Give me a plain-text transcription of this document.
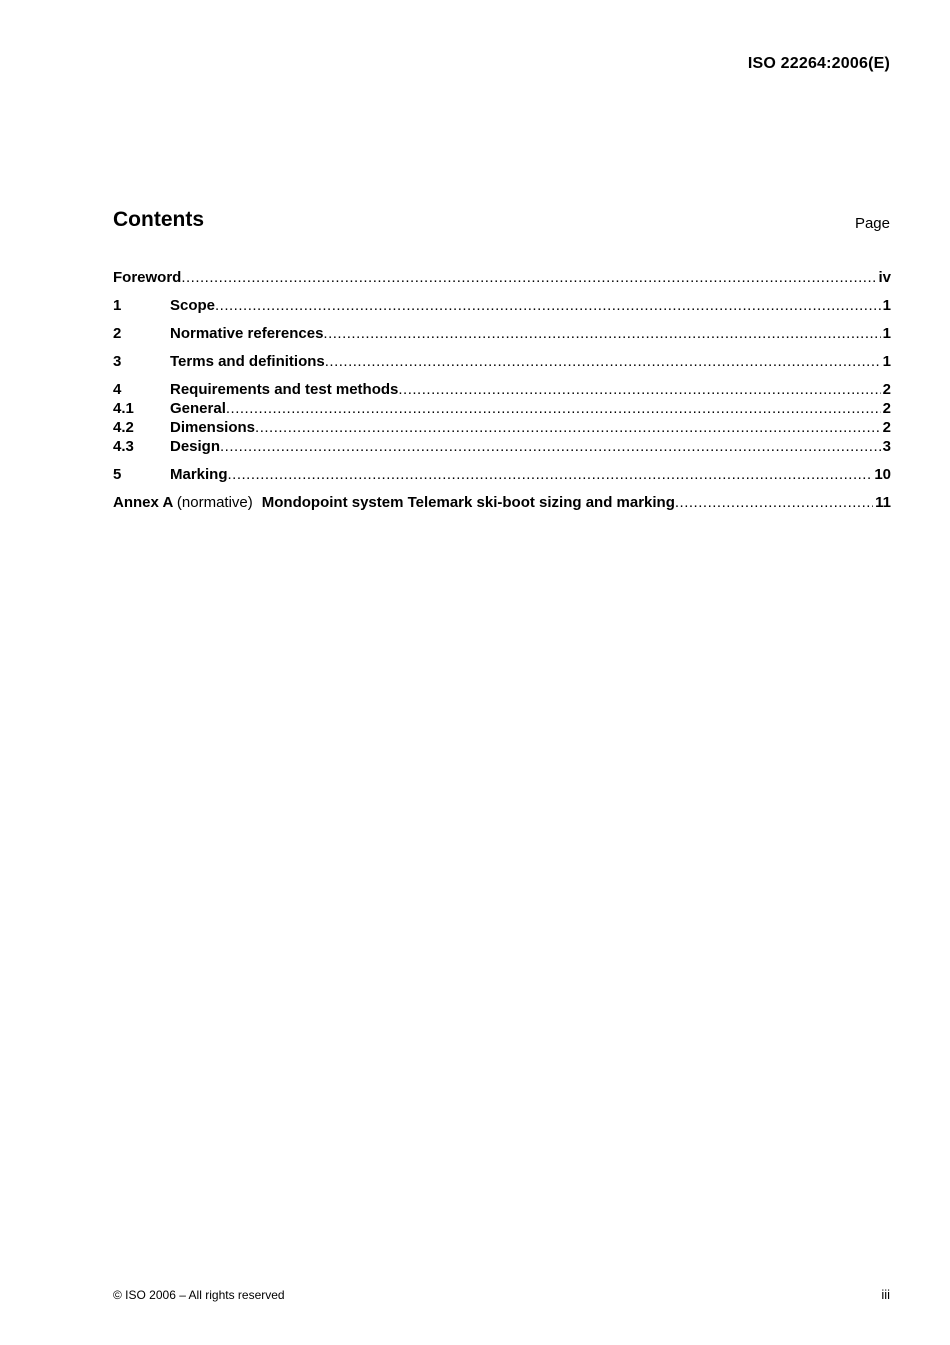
ISO 22264:2006(E)
Contents	Page
Foreword .....	iv
1	Scope .....	1
2	Normative references .....	1
3	Terms and definitions .....	1
4	Requirements and test methods .....	2
4.1	General .....	2
4.2	Dimensions .....	2
4.3	Design .....	3
5	Marking .....	10
Annex A (normative) Mondopoint system Telemark ski-boot sizing and marking .....	11
© ISO 2006 – All rights reserved	iii
